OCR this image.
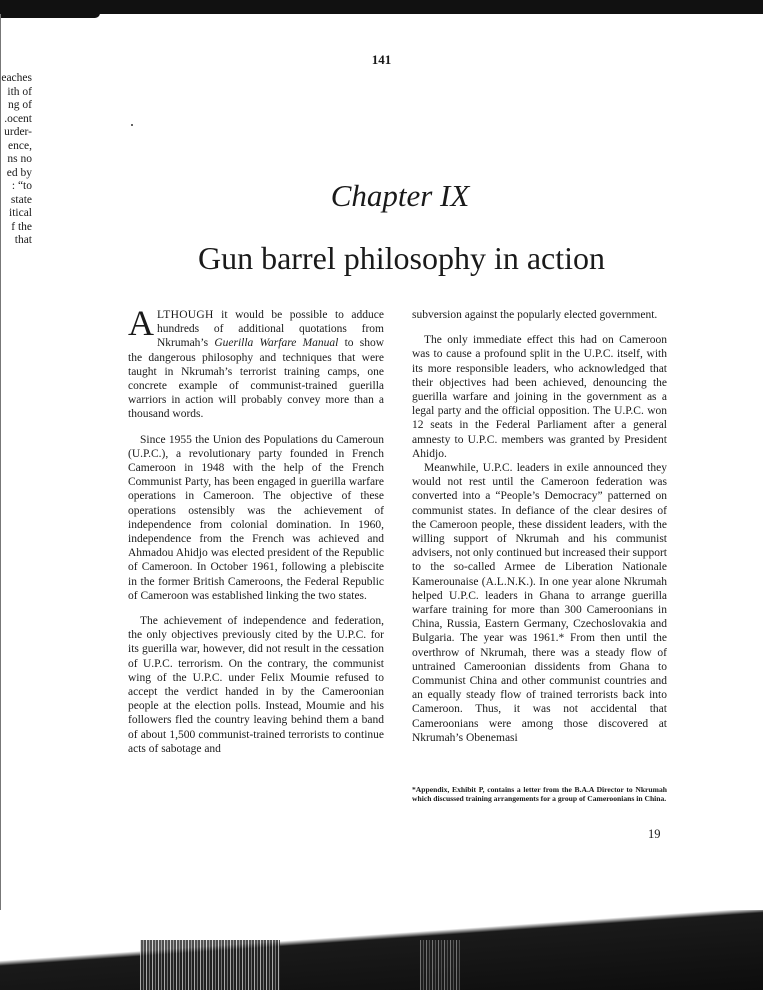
eaches
ith of
ng of
.ocent
urder-
ence,
ns no
ed by
: “to
state
itical
f the
that
141
Chapter IX
Gun barrel philosophy in action

ALTHOUGH it would be possible to adduce hundreds of additional quotations from Nkrumah’s Guerilla Warfare Manual to show the dangerous philosophy and techniques that were taught in Nkrumah’s terrorist training camps, one concrete example of communist-trained guerilla warriors in action will probably convey more than a thousand words.

Since 1955 the Union des Populations du Cameroun (U.P.C.), a revolutionary party founded in French Cameroon in 1948 with the help of the French Communist Party, has been engaged in guerilla warfare operations in Cameroon. The objective of these operations ostensibly was the achievement of independence from colonial domination. In 1960, independence from the French was achieved and Ahmadou Ahidjo was elected president of the Republic of Cameroon. In October 1961, following a plebiscite in the former British Cameroons, the Federal Republic of Cameroon was established linking the two states.

The achievement of independence and federation, the only objectives previously cited by the U.P.C. for its guerilla war, however, did not result in the cessation of U.P.C. terrorism. On the contrary, the communist wing of the U.P.C. under Felix Moumie refused to accept the verdict handed in by the Cameroonian people at the election polls. Instead, Moumie and his followers fled the country leaving behind them a band of about 1,500 communist-trained terrorists to continue acts of sabotage and

subversion against the popularly elected government.

The only immediate effect this had on Cameroon was to cause a profound split in the U.P.C. itself, with its more responsible leaders, who acknowledged that their objectives had been achieved, denouncing the guerilla warfare and joining in the government as a legal party and the official opposition. The U.P.C. won 12 seats in the Federal Parliament after a general amnesty to U.P.C. members was granted by President Ahidjo.

Meanwhile, U.P.C. leaders in exile announced they would not rest until the Cameroon federation was converted into a “People’s Democracy” patterned on communist states. In defiance of the clear desires of the Cameroon people, these dissident leaders, with the willing support of Nkrumah and his communist advisers, not only continued but increased their support to the so-called Armee de Liberation Nationale Kamerounaise (A.L.N.K.). In one year alone Nkrumah helped U.P.C. leaders in Ghana to arrange guerilla warfare training for more than 300 Cameroonians in China, Russia, Eastern Germany, Czechoslovakia and Bulgaria. The year was 1961.* From then until the overthrow of Nkrumah, there was a steady flow of untrained Cameroonian dissidents from Ghana to Communist China and other communist countries and an equally steady flow of trained terrorists back into Cameroon. Thus, it was not accidental that Cameroonians were among those discovered at Nkrumah’s Obenemasi

*Appendix, Exhibit P, contains a letter from the B.A.A Director to Nkrumah which discussed training arrangements for a group of Cameroonians in China.
19
